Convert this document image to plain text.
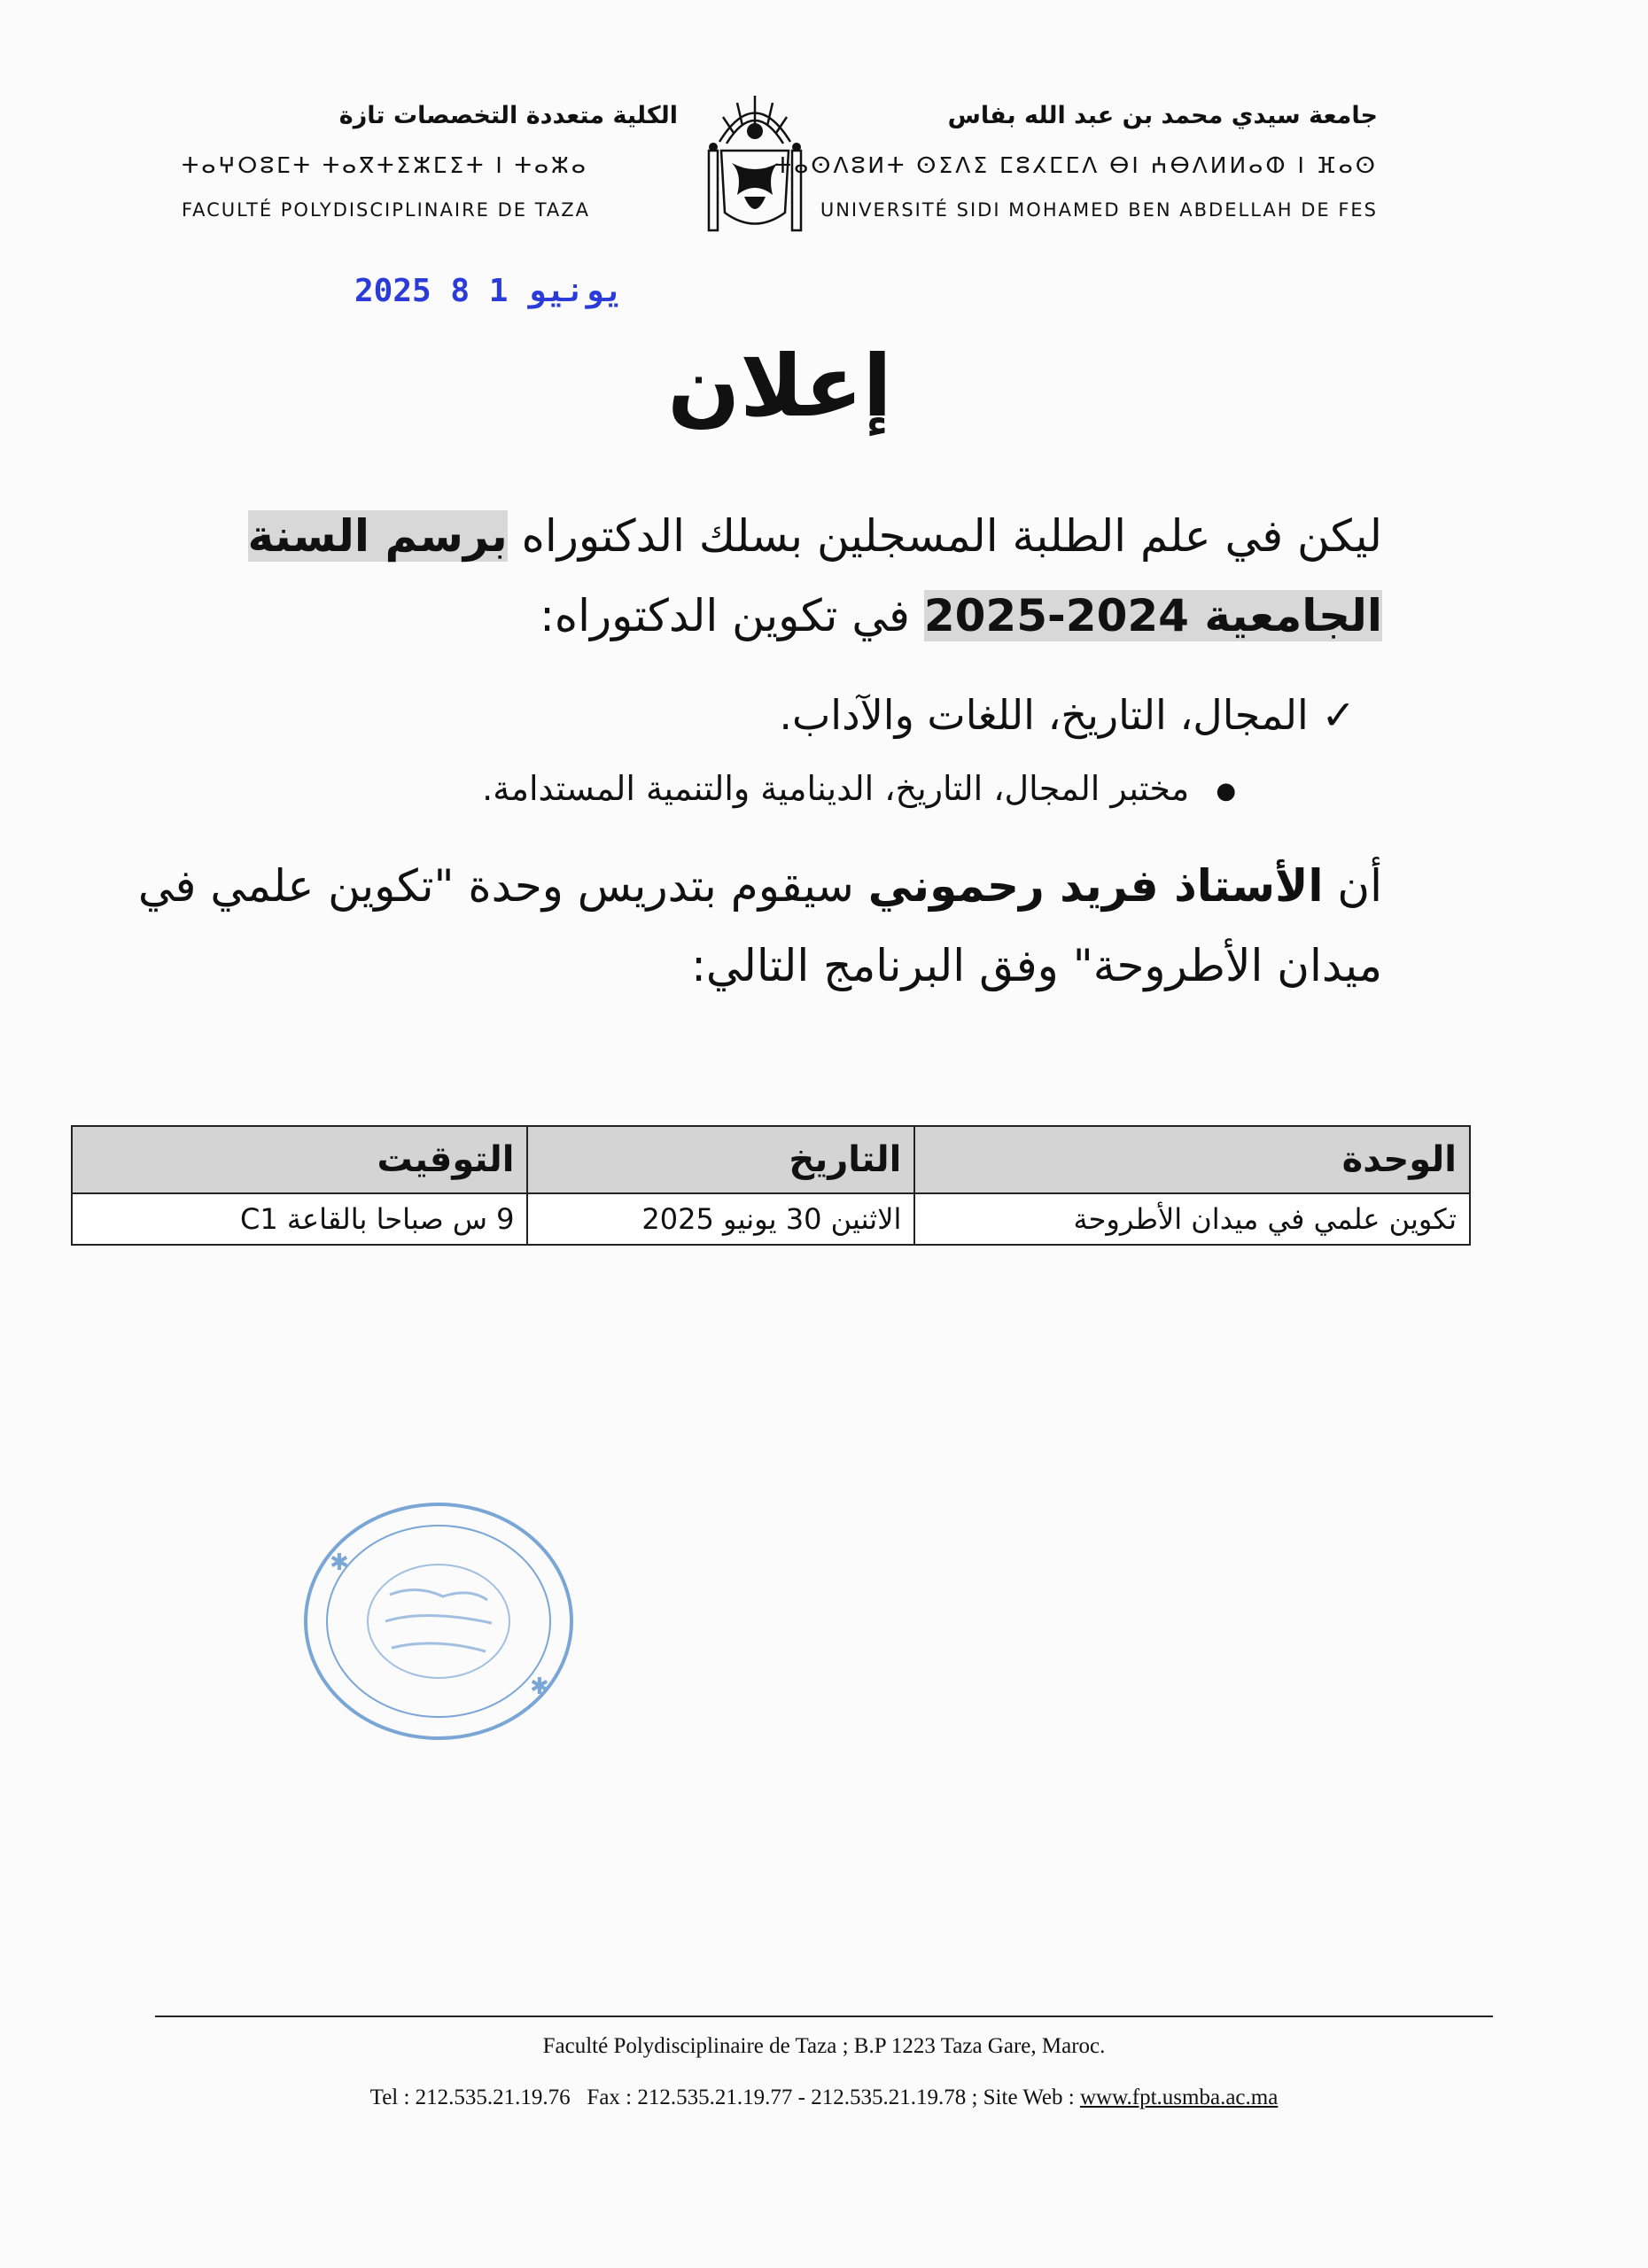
جامعة سيدي محمد بن عبد الله بفاس
ⵜⴰⵙⴷⵓⵍⵜ ⵙⵉⴷⵉ ⵎⵓⵃⵎⵎⴷ ⴱⵏ ⵄⴱⴷⵍⵍⴰⵀ ⵏ ⴼⴰⵙ
UNIVERSITÉ SIDI MOHAMED BEN ABDELLAH DE FES
الكلية متعددة التخصصات تازة
ⵜⴰⵖⵔⵓⵎⵜ ⵜⴰⴳⵜⵉⵣⵎⵉⵜ ⵏ ⵜⴰⵣⴰ
FACULTÉ POLYDISCIPLINAIRE DE TAZA
2025 يونيو 1 8
إعلان
ليكن في علم الطلبة المسجلين بسلك الدكتوراه برسم السنة
الجامعية 2024-2025 في تكوين الدكتوراه:
✓ المجال، التاريخ، اللغات والآداب.
● مختبر المجال، التاريخ، الدينامية والتنمية المستدامة.
أن الأستاذ فريد رحموني سيقوم بتدريس وحدة "تكوين علمي في
ميدان الأطروحة" وفق البرنامج التالي:
الوحدة	التاريخ	التوقيت
تكوين علمي في ميدان الأطروحة	الاثنين 30 يونيو 2025	9 س صباحا بالقاعة C1
✱
✱
Faculté Polydisciplinaire de Taza ; B.P 1223 Taza Gare, Maroc.
Tel : 212.535.21.19.76   Fax : 212.535.21.19.77 - 212.535.21.19.78 ; Site Web : www.fpt.usmba.ac.ma
